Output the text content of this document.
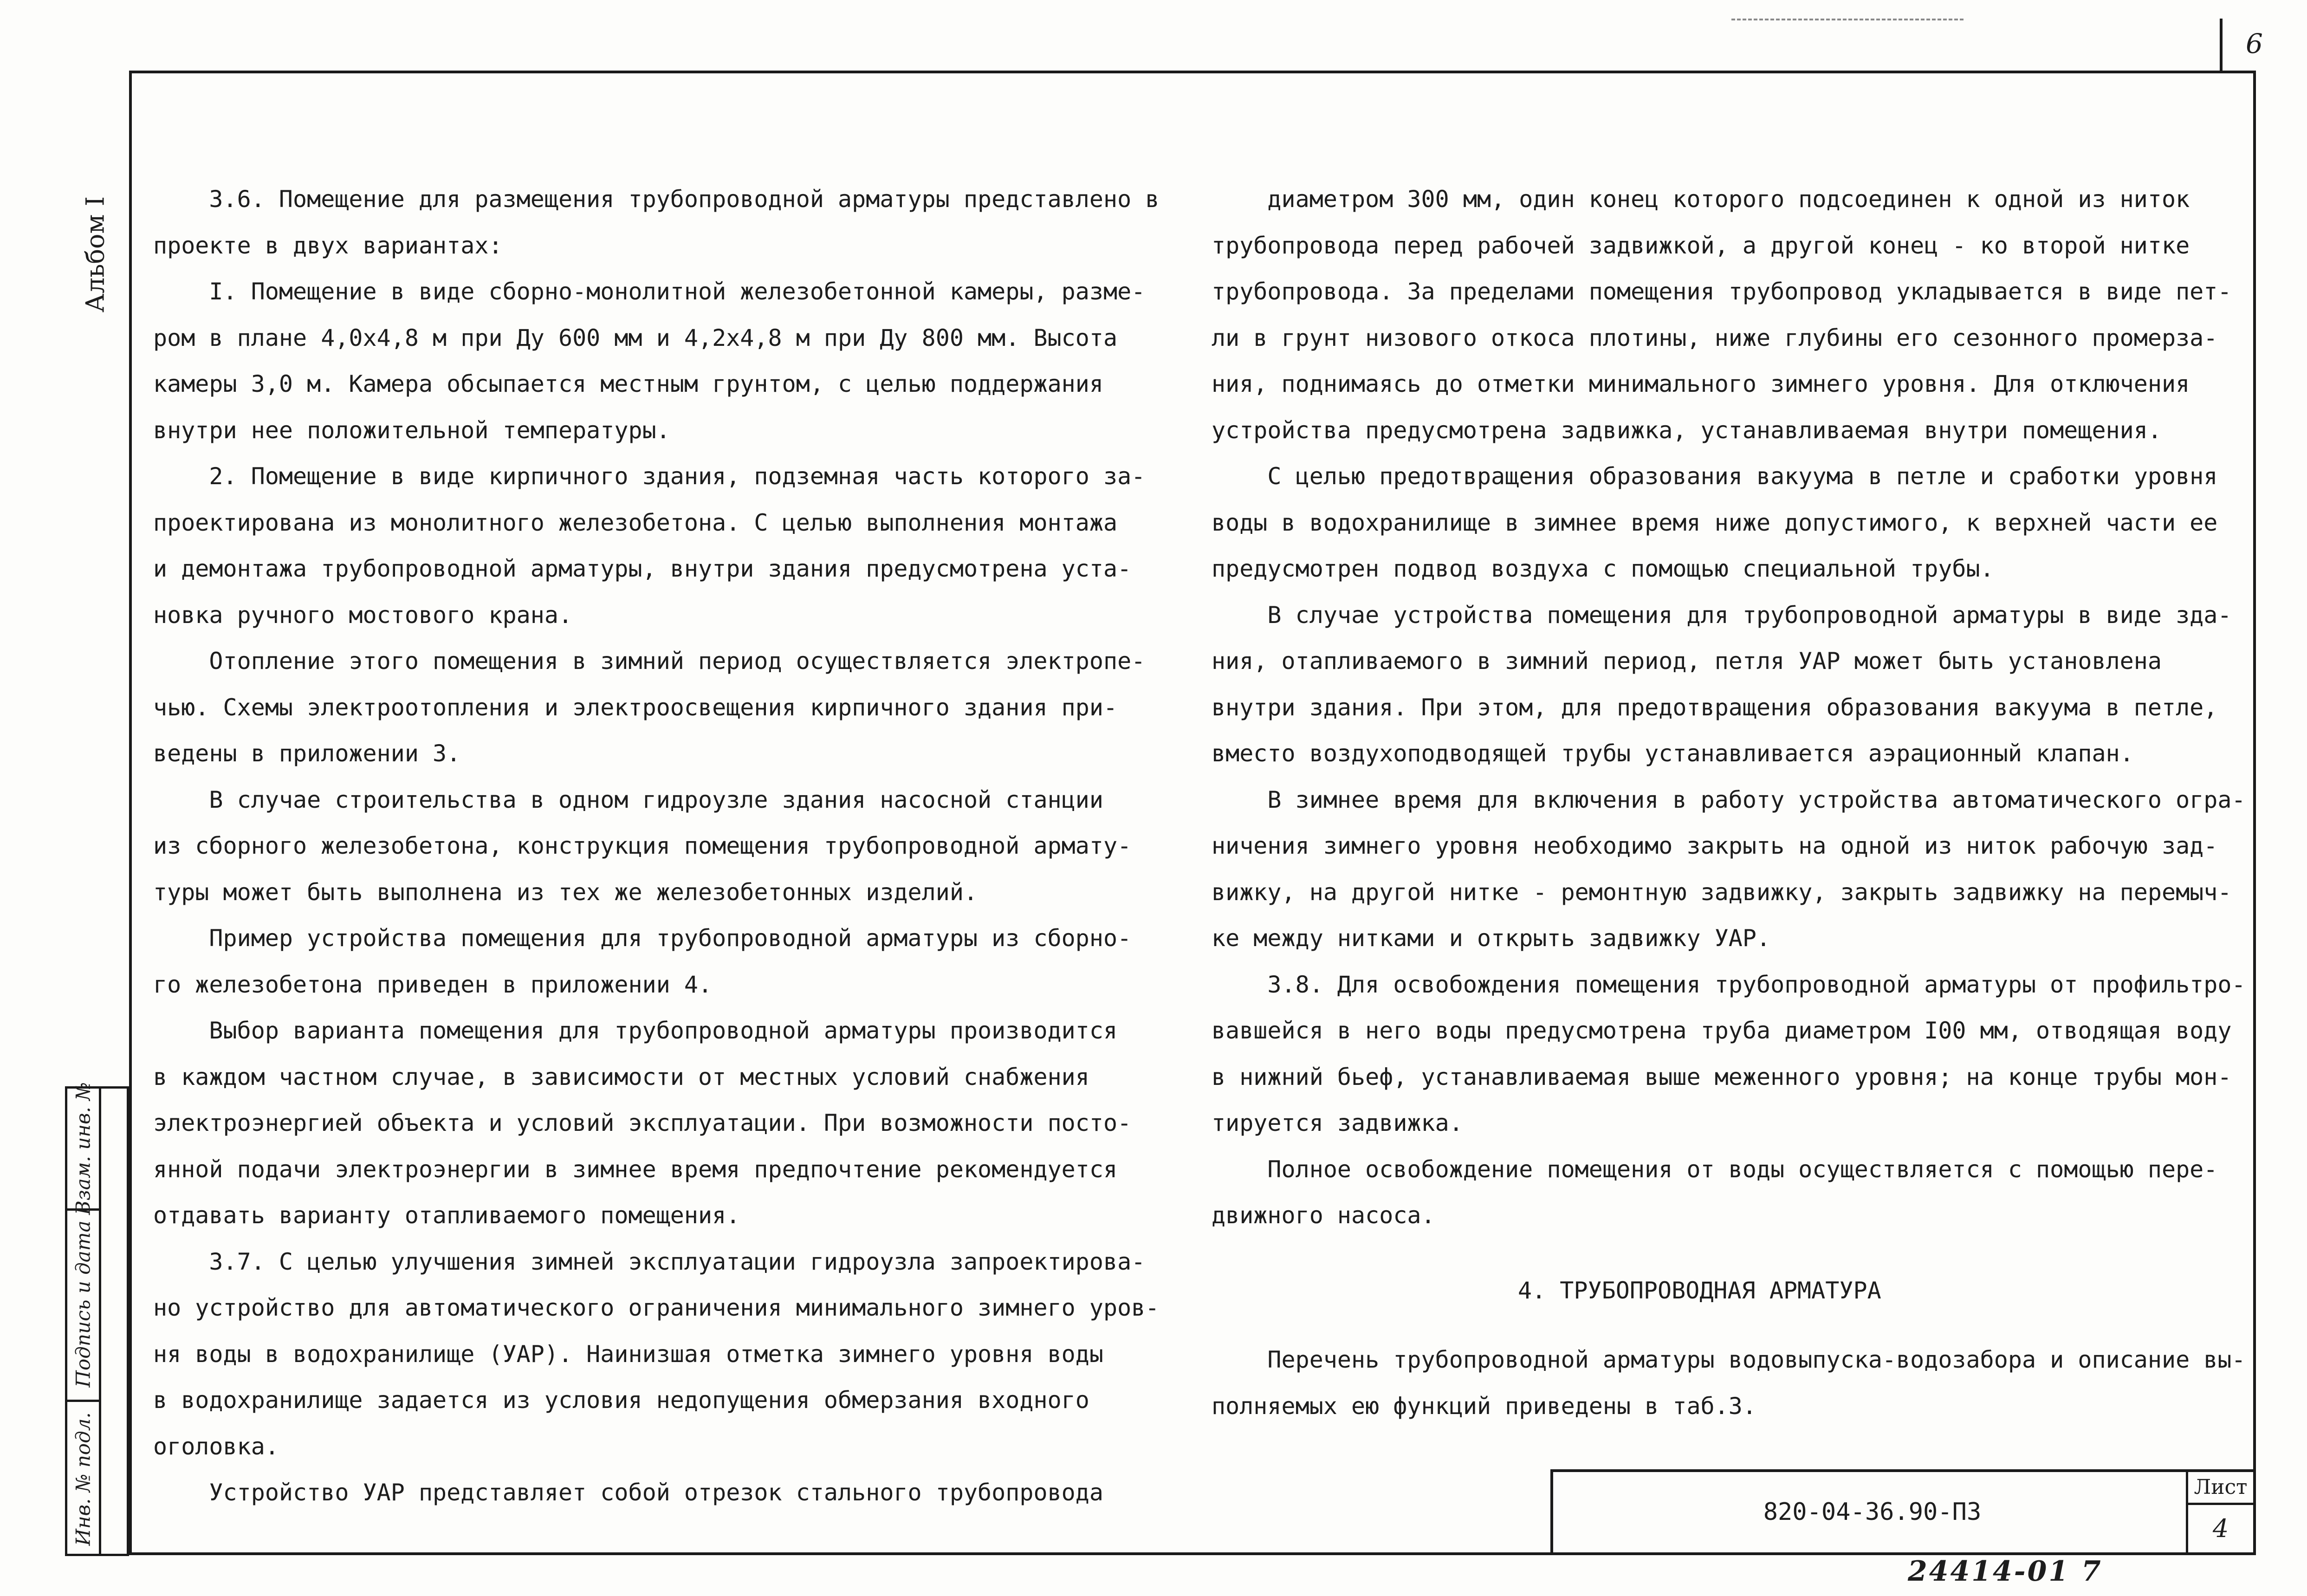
6
Альбом I
Взам. инв. №
Подпись и дата
Инв. № подл.

3.6. Помещение для размещения трубопроводной арматуры представлено в

проекте в двух вариантах:

I. Помещение в виде сборно-монолитной железобетонной камеры, разме-

ром в плане 4,0х4,8 м при Ду 600 мм и 4,2х4,8 м при Ду 800 мм. Высота

камеры 3,0 м. Камера обсыпается местным грунтом, с целью поддержания

внутри нее положительной температуры.

2. Помещение в виде кирпичного здания, подземная часть которого за-

проектирована из монолитного железобетона. С целью выполнения монтажа

и демонтажа трубопроводной арматуры, внутри здания предусмотрена уста-

новка ручного мостового крана.

Отопление этого помещения в зимний период осуществляется электропе-

чью. Схемы электроотопления и электроосвещения кирпичного здания при-

ведены в приложении 3.

В случае строительства в одном гидроузле здания насосной станции

из сборного железобетона, конструкция помещения трубопроводной армату-

туры может быть выполнена из тех же железобетонных изделий.

Пример устройства помещения для трубопроводной арматуры из сборно-

го железобетона приведен в приложении 4.

Выбор варианта помещения для трубопроводной арматуры производится

в каждом частном случае, в зависимости от местных условий снабжения

электроэнергией объекта и условий эксплуатации. При возможности посто-

янной подачи электроэнергии в зимнее время предпочтение рекомендуется

отдавать варианту отапливаемого помещения.

3.7. С целью улучшения зимней эксплуатации гидроузла запроектирова-

но устройство для автоматического ограничения минимального зимнего уров-

ня воды в водохранилище (УАР). Наинизшая отметка зимнего уровня воды

в водохранилище задается из условия недопущения обмерзания входного

оголовка.

Устройство УАР представляет собой отрезок стального трубопровода

диаметром 300 мм, один конец которого подсоединен к одной из ниток

трубопровода перед рабочей задвижкой, а другой конец - ко второй нитке

трубопровода. За пределами помещения трубопровод укладывается в виде пет-

ли в грунт низового откоса плотины, ниже глубины его сезонного промерза-

ния, поднимаясь до отметки минимального зимнего уровня. Для отключения

устройства предусмотрена задвижка, устанавливаемая внутри помещения.

С целью предотвращения образования вакуума в петле и сработки уровня

воды в водохранилище в зимнее время ниже допустимого, к верхней части ее

предусмотрен подвод воздуха с помощью специальной трубы.

В случае устройства помещения для трубопроводной арматуры в виде зда-

ния, отапливаемого в зимний период, петля УАР может быть установлена

внутри здания. При этом, для предотвращения образования вакуума в петле,

вместо воздухоподводящей трубы устанавливается аэрационный клапан.

В зимнее время для включения в работу устройства автоматического огра-

ничения зимнего уровня необходимо закрыть на одной из ниток рабочую зад-

вижку, на другой нитке - ремонтную задвижку, закрыть задвижку на перемыч-

ке между нитками и открыть задвижку УАР.

3.8. Для освобождения помещения трубопроводной арматуры от профильтро-

вавшейся в него воды предусмотрена труба диаметром I00 мм, отводящая воду

в нижний бьеф, устанавливаемая выше меженного уровня; на конце трубы мон-

тируется задвижка.

Полное освобождение помещения от воды осуществляется с помощью пере-

движного насоса.

4. ТРУБОПРОВОДНАЯ АРМАТУРА

Перечень трубопроводной арматуры водовыпуска-водозабора и описание вы-

полняемых ею функций приведены в таб.3.

820-04-36.90-ПЗ
Лист
4
24414-01 7
